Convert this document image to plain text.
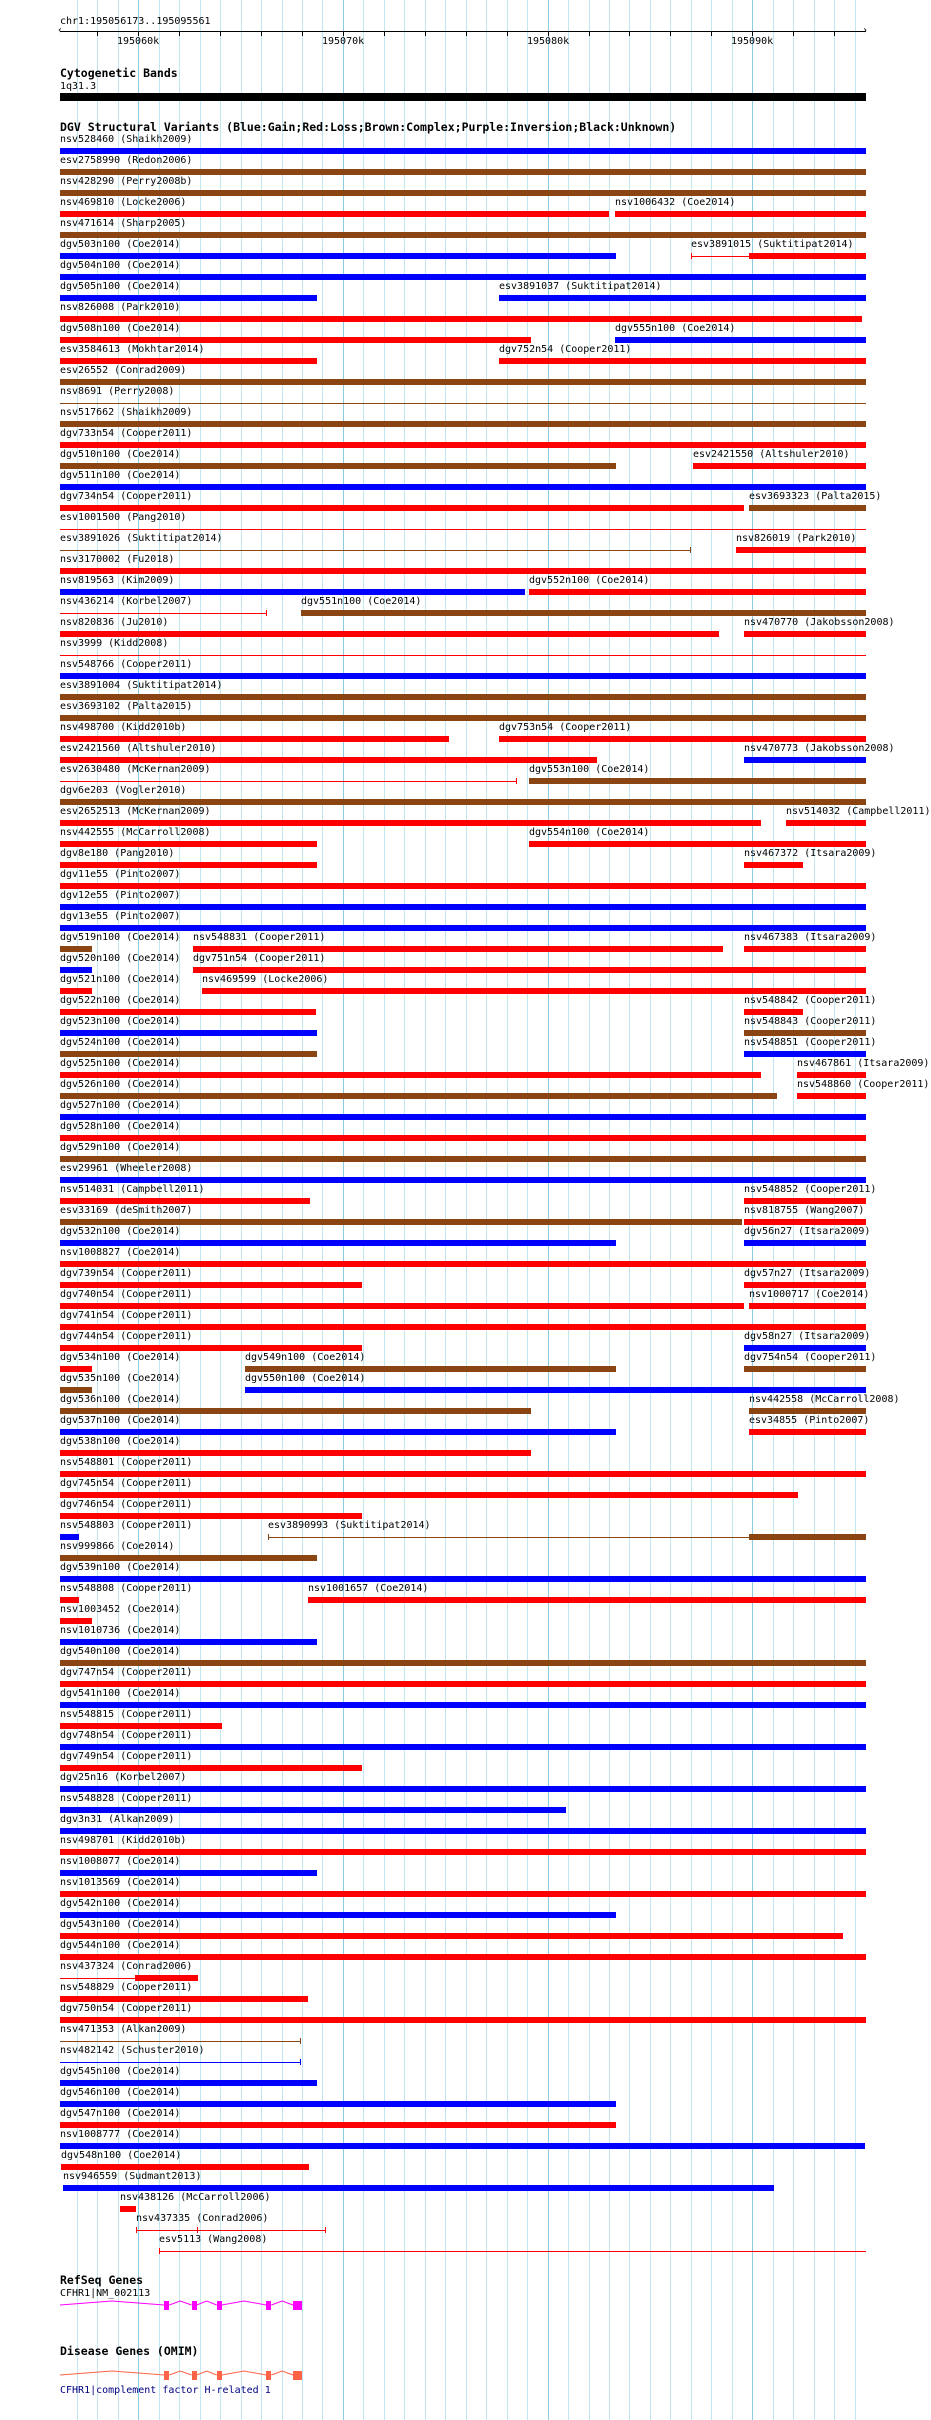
chr1:195056173..195095561
‹	›
195060k	195070k	195080k	195090k
Cytogenetic Bands
1q31.3
DGV Structural Variants (Blue:Gain;Red:Loss;Brown:Complex;Purple:Inversion;Black:Unknown)
nsv528460 (Shaikh2009)
esv2758990 (Redon2006)
nsv428290 (Perry2008b)
nsv469810 (Locke2006)	nsv1006432 (Coe2014)
nsv471614 (Sharp2005)
dgv503n100 (Coe2014)	esv3891015 (Suktitipat2014)
dgv504n100 (Coe2014)
dgv505n100 (Coe2014)	esv3891037 (Suktitipat2014)
nsv826008 (Park2010)
dgv508n100 (Coe2014)	dgv555n100 (Coe2014)
esv3584613 (Mokhtar2014)	dgv752n54 (Cooper2011)
esv26552 (Conrad2009)
nsv8691 (Perry2008)
nsv517662 (Shaikh2009)
dgv733n54 (Cooper2011)
dgv510n100 (Coe2014)	esv2421550 (Altshuler2010)
dgv511n100 (Coe2014)
dgv734n54 (Cooper2011)	esv3693323 (Palta2015)
esv1001500 (Pang2010)
esv3891026 (Suktitipat2014)	nsv826019 (Park2010)
nsv3170002 (Fu2018)
nsv819563 (Kim2009)	dgv552n100 (Coe2014)
nsv436214 (Korbel2007)	dgv551n100 (Coe2014)
nsv820836 (Ju2010)	nsv470770 (Jakobsson2008)
nsv3999 (Kidd2008)
nsv548766 (Cooper2011)
esv3891004 (Suktitipat2014)
esv3693102 (Palta2015)
nsv498700 (Kidd2010b)	dgv753n54 (Cooper2011)
esv2421560 (Altshuler2010)	nsv470773 (Jakobsson2008)
esv2630480 (McKernan2009)	dgv553n100 (Coe2014)
dgv6e203 (Vogler2010)
esv2652513 (McKernan2009)	nsv514032 (Campbell2011)
nsv442555 (McCarroll2008)	dgv554n100 (Coe2014)
dgv8e180 (Pang2010)	nsv467372 (Itsara2009)
dgv11e55 (Pinto2007)
dgv12e55 (Pinto2007)
dgv13e55 (Pinto2007)
dgv519n100 (Coe2014) nsv548831 (Cooper2011)	nsv467383 (Itsara2009)
dgv520n100 (Coe2014) dgv751n54 (Cooper2011)
dgv521n100 (Coe2014) nsv469599 (Locke2006)
dgv522n100 (Coe2014)	nsv548842 (Cooper2011)
dgv523n100 (Coe2014)	nsv548843 (Cooper2011)
dgv524n100 (Coe2014)	nsv548851 (Cooper2011)
dgv525n100 (Coe2014)	nsv467861 (Itsara2009)
dgv526n100 (Coe2014)	nsv548860 (Cooper2011)
dgv527n100 (Coe2014)
dgv528n100 (Coe2014)
dgv529n100 (Coe2014)
esv29961 (Wheeler2008)
nsv514031 (Campbell2011)	nsv548852 (Cooper2011)
esv33169 (deSmith2007)	nsv818755 (Wang2007)
dgv532n100 (Coe2014)	dgv56n27 (Itsara2009)
nsv1008827 (Coe2014)
dgv739n54 (Cooper2011)	dgv57n27 (Itsara2009)
dgv740n54 (Cooper2011)	nsv1000717 (Coe2014)
dgv741n54 (Cooper2011)
dgv744n54 (Cooper2011)	dgv58n27 (Itsara2009)
dgv534n100 (Coe2014)	dgv549n100 (Coe2014)	dgv754n54 (Cooper2011)
dgv535n100 (Coe2014)	dgv550n100 (Coe2014)
dgv536n100 (Coe2014)	nsv442558 (McCarroll2008)
dgv537n100 (Coe2014)	esv34855 (Pinto2007)
dgv538n100 (Coe2014)
nsv548801 (Cooper2011)
dgv745n54 (Cooper2011)
dgv746n54 (Cooper2011)
nsv548803 (Cooper2011)	esv3890993 (Suktitipat2014)
nsv999866 (Coe2014)
dgv539n100 (Coe2014)
nsv548808 (Cooper2011)	nsv1001657 (Coe2014)
nsv1003452 (Coe2014)
nsv1010736 (Coe2014)
dgv540n100 (Coe2014)
dgv747n54 (Cooper2011)
dgv541n100 (Coe2014)
nsv548815 (Cooper2011)
dgv748n54 (Cooper2011)
dgv749n54 (Cooper2011)
dgv25n16 (Korbel2007)
nsv548828 (Cooper2011)
dgv3n31 (Alkan2009)
nsv498701 (Kidd2010b)
nsv1008077 (Coe2014)
nsv1013569 (Coe2014)
dgv542n100 (Coe2014)
dgv543n100 (Coe2014)
dgv544n100 (Coe2014)
nsv437324 (Conrad2006)
nsv548829 (Cooper2011)
dgv750n54 (Cooper2011)
nsv471353 (Alkan2009)
nsv482142 (Schuster2010)
dgv545n100 (Coe2014)
dgv546n100 (Coe2014)
dgv547n100 (Coe2014)
nsv1008777 (Coe2014)
dgv548n100 (Coe2014)
nsv946559 (Sudmant2013)
nsv438126 (McCarroll2006)
nsv437335 (Conrad2006)
esv5113 (Wang2008)
RefSeq Genes
CFHR1|NM_002113
Disease Genes (OMIM)
CFHR1|complement factor H-related 1
